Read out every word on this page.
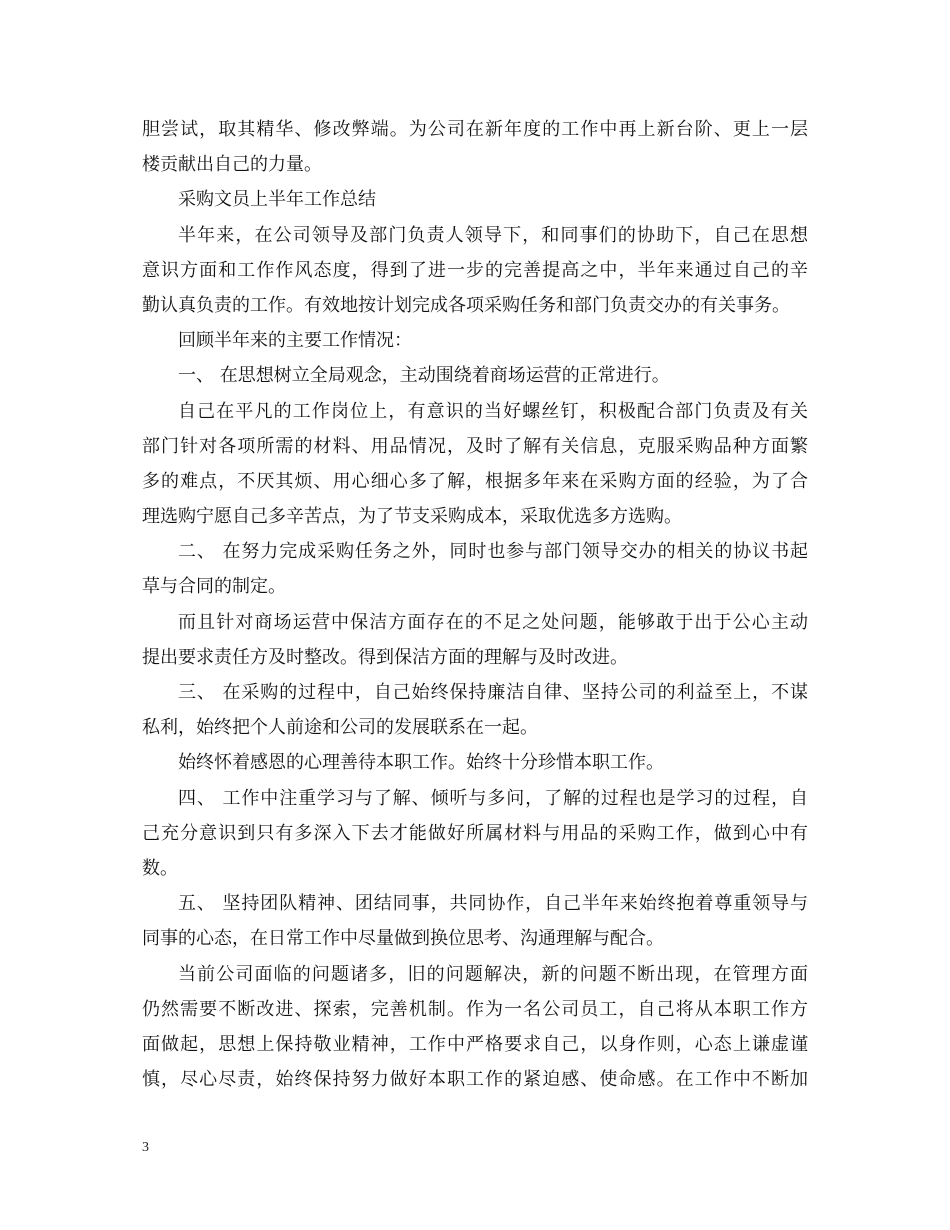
胆尝试，取其精华、修改弊端。为公司在新年度的工作中再上新台阶、更上一层
楼贡献出自己的力量。
采购文员上半年工作总结
半年来，在公司领导及部门负责人领导下，和同事们的协助下，自己在思想
意识方面和工作作风态度，得到了进一步的完善提高之中，半年来通过自己的辛
勤认真负责的工作。有效地按计划完成各项采购任务和部门负责交办的有关事务。
回顾半年来的主要工作情况：
一、 在思想树立全局观念，主动围绕着商场运营的正常进行。
自己在平凡的工作岗位上，有意识的当好螺丝钉，积极配合部门负责及有关
部门针对各项所需的材料、用品情况，及时了解有关信息，克服采购品种方面繁
多的难点，不厌其烦、用心细心多了解，根据多年来在采购方面的经验，为了合
理选购宁愿自己多辛苦点，为了节支采购成本，采取优选多方选购。
二、 在努力完成采购任务之外，同时也参与部门领导交办的相关的协议书起
草与合同的制定。
而且针对商场运营中保洁方面存在的不足之处问题，能够敢于出于公心主动
提出要求责任方及时整改。得到保洁方面的理解与及时改进。
三、 在采购的过程中，自己始终保持廉洁自律、坚持公司的利益至上，不谋
私利，始终把个人前途和公司的发展联系在一起。
始终怀着感恩的心理善待本职工作。始终十分珍惜本职工作。
四、 工作中注重学习与了解、倾听与多问，了解的过程也是学习的过程，自
己充分意识到只有多深入下去才能做好所属材料与用品的采购工作，做到心中有
数。
五、 坚持团队精神、团结同事，共同协作，自己半年来始终抱着尊重领导与
同事的心态，在日常工作中尽量做到换位思考、沟通理解与配合。
当前公司面临的问题诸多，旧的问题解决，新的问题不断出现，在管理方面
仍然需要不断改进、探索，完善机制。作为一名公司员工，自己将从本职工作方
面做起，思想上保持敬业精神，工作中严格要求自己，以身作则，心态上谦虚谨
慎，尽心尽责，始终保持努力做好本职工作的紧迫感、使命感。在工作中不断加
3
